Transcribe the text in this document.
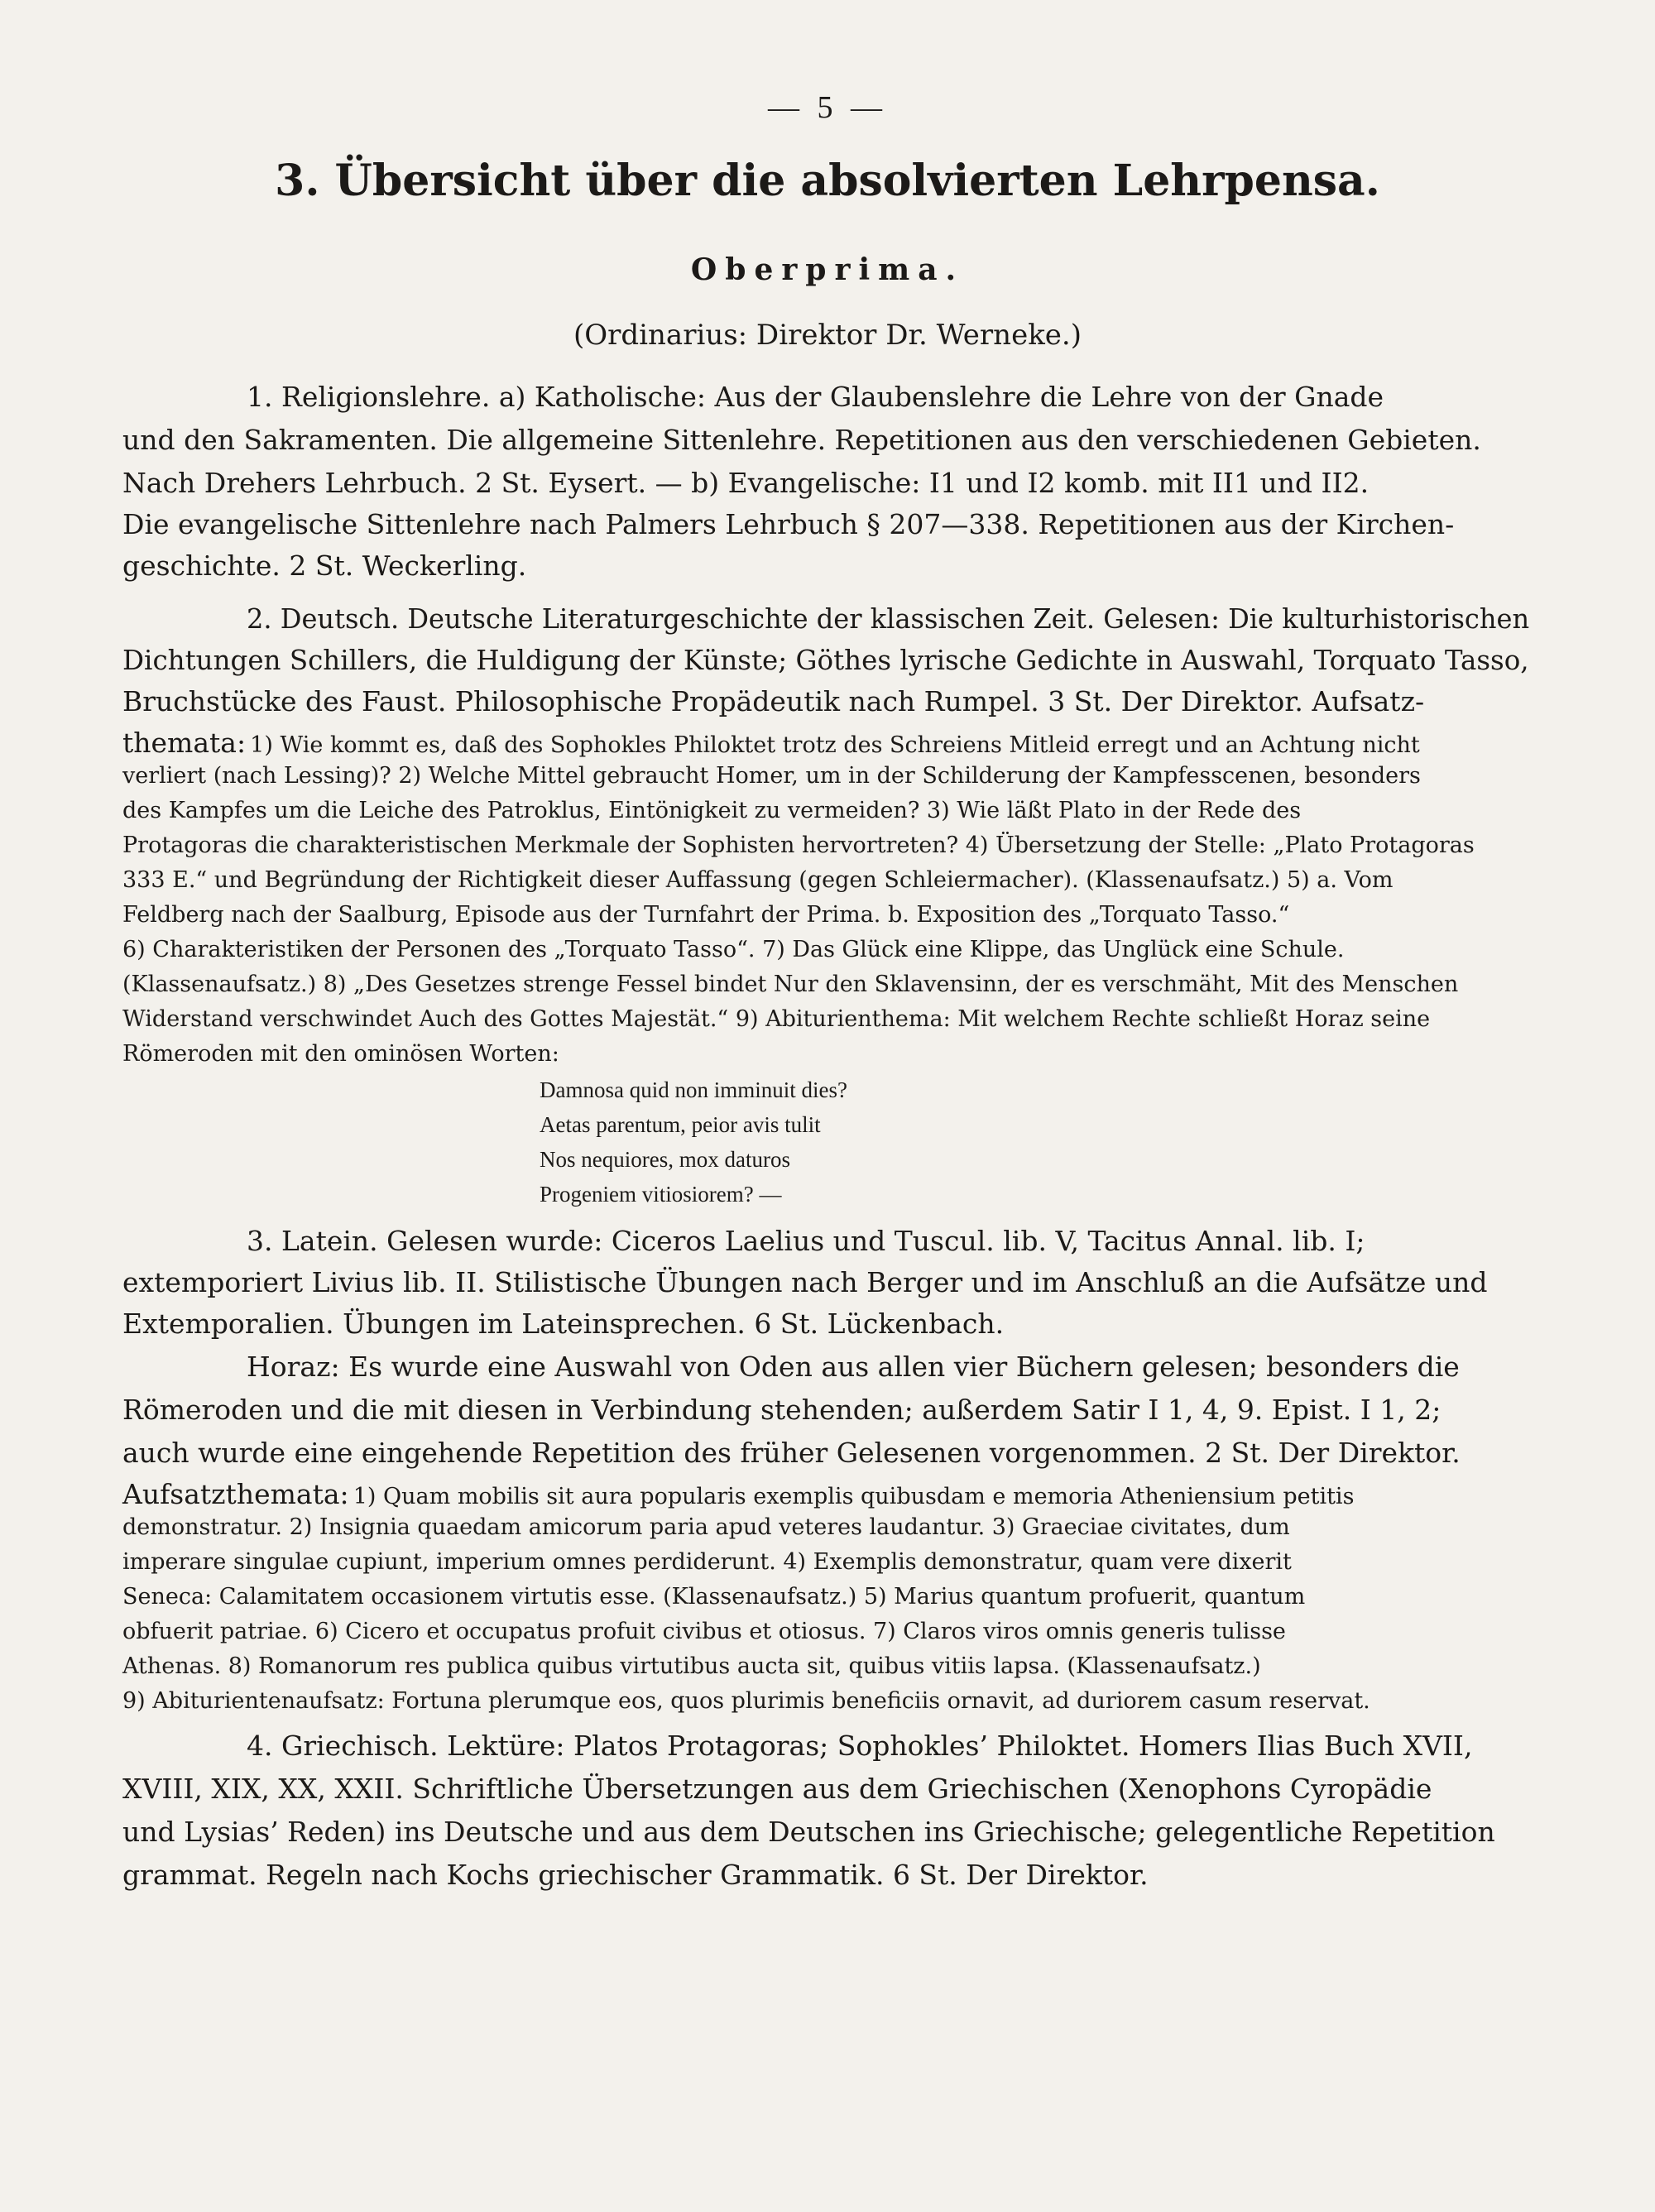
— 5 —
3. Übersicht über die absolvierten Lehrpensa.
Oberprima.
(Ordinarius: Direktor Dr. Werneke.)
1. Religionslehre. a) Katholische: Aus der Glaubenslehre die Lehre von der Gnade
und den Sakramenten. Die allgemeine Sittenlehre. Repetitionen aus den verschiedenen Gebieten.
Nach Drehers Lehrbuch. 2 St. Eysert. — b) Evangelische: I1 und I2 komb. mit II1 und II2.
Die evangelische Sittenlehre nach Palmers Lehrbuch § 207—338. Repetitionen aus der Kirchen-
geschichte. 2 St. Weckerling.
2. Deutsch. Deutsche Literaturgeschichte der klassischen Zeit. Gelesen: Die kulturhistorischen
Dichtungen Schillers, die Huldigung der Künste; Göthes lyrische Gedichte in Auswahl, Torquato Tasso,
Bruchstücke des Faust. Philosophische Propädeutik nach Rumpel. 3 St. Der Direktor. Aufsatz-
themata: 1) Wie kommt es, daß des Sophokles Philoktet trotz des Schreiens Mitleid erregt und an Achtung nicht
verliert (nach Lessing)? 2) Welche Mittel gebraucht Homer, um in der Schilderung der Kampfesscenen, besonders
des Kampfes um die Leiche des Patroklus, Eintönigkeit zu vermeiden? 3) Wie läßt Plato in der Rede des
Protagoras die charakteristischen Merkmale der Sophisten hervortreten? 4) Übersetzung der Stelle: „Plato Protagoras
333 E.“ und Begründung der Richtigkeit dieser Auffassung (gegen Schleiermacher). (Klassenaufsatz.) 5) a. Vom
Feldberg nach der Saalburg, Episode aus der Turnfahrt der Prima. b. Exposition des „Torquato Tasso.“
6) Charakteristiken der Personen des „Torquato Tasso“. 7) Das Glück eine Klippe, das Unglück eine Schule.
(Klassenaufsatz.) 8) „Des Gesetzes strenge Fessel bindet Nur den Sklavensinn, der es verschmäht, Mit des Menschen
Widerstand verschwindet Auch des Gottes Majestät.“ 9) Abiturienthema: Mit welchem Rechte schließt Horaz seine
Römeroden mit den ominösen Worten:
Damnosa quid non imminuit dies?
Aetas parentum, peior avis tulit
Nos nequiores, mox daturos
Progeniem vitiosiorem? —
3. Latein. Gelesen wurde: Ciceros Laelius und Tuscul. lib. V, Tacitus Annal. lib. I;
extemporiert Livius lib. II. Stilistische Übungen nach Berger und im Anschluß an die Aufsätze und
Extemporalien. Übungen im Lateinsprechen. 6 St. Lückenbach.
Horaz: Es wurde eine Auswahl von Oden aus allen vier Büchern gelesen; besonders die
Römeroden und die mit diesen in Verbindung stehenden; außerdem Satir I 1, 4, 9. Epist. I 1, 2;
auch wurde eine eingehende Repetition des früher Gelesenen vorgenommen. 2 St. Der Direktor.
Aufsatzthemata: 1) Quam mobilis sit aura popularis exemplis quibusdam e memoria Atheniensium petitis
demonstratur. 2) Insignia quaedam amicorum paria apud veteres laudantur. 3) Graeciae civitates, dum
imperare singulae cupiunt, imperium omnes perdiderunt. 4) Exemplis demonstratur, quam vere dixerit
Seneca: Calamitatem occasionem virtutis esse. (Klassenaufsatz.) 5) Marius quantum profuerit, quantum
obfuerit patriae. 6) Cicero et occupatus profuit civibus et otiosus. 7) Claros viros omnis generis tulisse
Athenas. 8) Romanorum res publica quibus virtutibus aucta sit, quibus vitiis lapsa. (Klassenaufsatz.)
9) Abiturientenaufsatz: Fortuna plerumque eos, quos plurimis beneficiis ornavit, ad duriorem casum reservat.
4. Griechisch. Lektüre: Platos Protagoras; Sophokles’ Philoktet. Homers Ilias Buch XVII,
XVIII, XIX, XX, XXII. Schriftliche Übersetzungen aus dem Griechischen (Xenophons Cyropädie
und Lysias’ Reden) ins Deutsche und aus dem Deutschen ins Griechische; gelegentliche Repetition
grammat. Regeln nach Kochs griechischer Grammatik. 6 St. Der Direktor.
